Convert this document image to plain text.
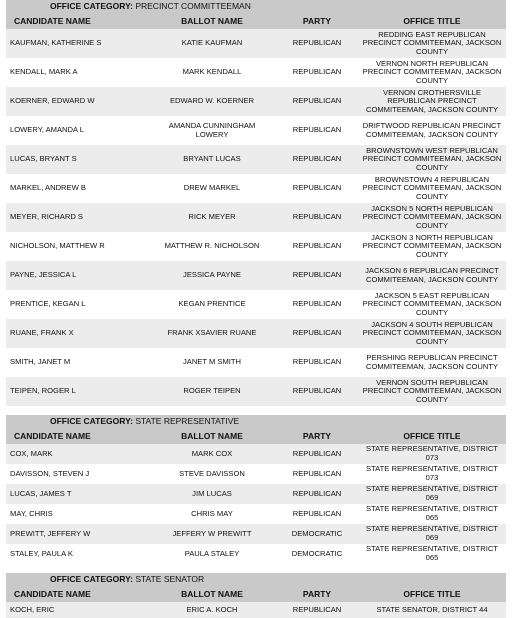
OFFICE CATEGORY: PRECINCT COMMITTEEMAN
CANDIDATE NAME	BALLOT NAME	PARTY	OFFICE TITLE
KAUFMAN, KATHERINE S	KATIE KAUFMAN	REPUBLICAN
REDDING EAST REPUBLICAN PRECINCT COMMITEEMAN, JACKSON COUNTY
KENDALL, MARK A	MARK KENDALL	REPUBLICAN
VERNON NORTH REPUBLICAN PRECINCT COMMITEEMAN, JACKSON COUNTY
KOERNER, EDWARD W	EDWARD W. KOERNER	REPUBLICAN
VERNON CROTHERSVILLE REPUBLICAN PRECINCT COMMITEEMAN, JACKSON COUNTY
LOWERY, AMANDA L	AMANDA CUNNINGHAM LOWERY	REPUBLICAN	DRIFTWOOD REPUBLICAN PRECINCT COMMITEEMAN, JACKSON COUNTY
LUCAS, BRYANT S	BRYANT LUCAS	REPUBLICAN
BROWNSTOWN WEST REPUBLICAN PRECINCT COMMITEEMAN, JACKSON COUNTY
MARKEL, ANDREW B	DREW MARKEL	REPUBLICAN
BROWNSTOWN 4 REPUBLICAN PRECINCT COMMITEEMAN, JACKSON COUNTY
MEYER, RICHARD S	RICK MEYER	REPUBLICAN
JACKSON 5 NORTH REPUBLICAN PRECINCT COMMITEEMAN, JACKSON COUNTY
NICHOLSON, MATTHEW R	MATTHEW R. NICHOLSON	REPUBLICAN
JACKSON 3 NORTH REPUBLICAN PRECINCT COMMITEEMAN, JACKSON COUNTY
PAYNE, JESSICA L	JESSICA PAYNE	REPUBLICAN	JACKSON 6 REPUBLICAN PRECINCT COMMITEEMAN, JACKSON COUNTY
PRENTICE, KEGAN L	KEGAN PRENTICE	REPUBLICAN
JACKSON 5 EAST REPUBLICAN PRECINCT COMMITEEMAN, JACKSON COUNTY
RUANE, FRANK X	FRANK XSAVIER RUANE	REPUBLICAN
JACKSON 4 SOUTH REPUBLICAN PRECINCT COMMITEEMAN, JACKSON COUNTY
SMITH, JANET M	JANET M SMITH	REPUBLICAN	PERSHING REPUBLICAN PRECINCT COMMITEEMAN, JACKSON COUNTY
TEIPEN, ROGER L	ROGER TEIPEN	REPUBLICAN
VERNON SOUTH REPUBLICAN PRECINCT COMMITEEMAN, JACKSON COUNTY
OFFICE CATEGORY: STATE REPRESENTATIVE
CANDIDATE NAME	BALLOT NAME	PARTY	OFFICE TITLE
COX, MARK	MARK COX	REPUBLICAN	STATE REPRESENTATIVE, DISTRICT 073
DAVISSON, STEVEN J	STEVE DAVISSON	REPUBLICAN	STATE REPRESENTATIVE, DISTRICT 073
LUCAS, JAMES T	JIM LUCAS	REPUBLICAN	STATE REPRESENTATIVE, DISTRICT 069
MAY, CHRIS	CHRIS MAY	REPUBLICAN	STATE REPRESENTATIVE, DISTRICT 065
PREWITT, JEFFERY W	JEFFERY W PREWITT	DEMOCRATIC	STATE REPRESENTATIVE, DISTRICT 069
STALEY, PAULA K	PAULA STALEY	DEMOCRATIC	STATE REPRESENTATIVE, DISTRICT 065
OFFICE CATEGORY: STATE SENATOR
CANDIDATE NAME	BALLOT NAME	PARTY	OFFICE TITLE
KOCH, ERIC	ERIC A. KOCH	REPUBLICAN	STATE SENATOR, DISTRICT 44
